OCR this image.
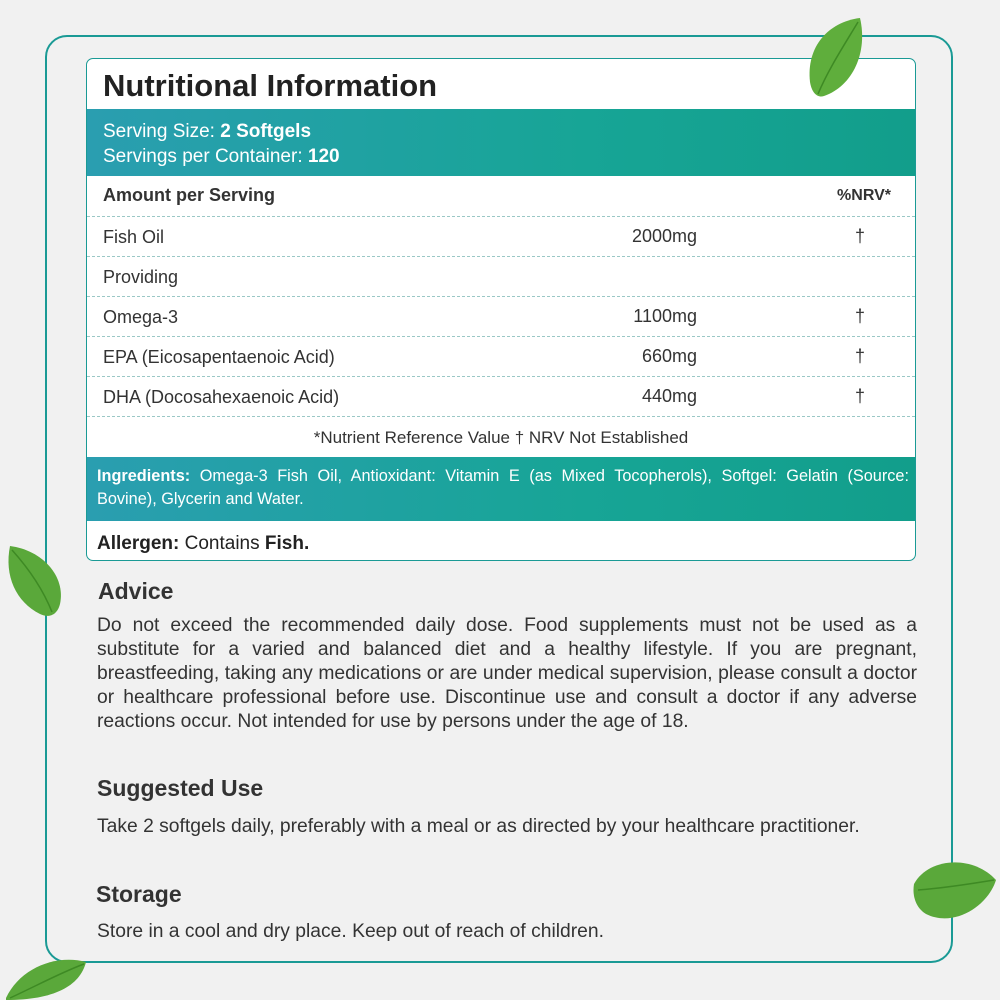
Nutritional Information
Serving Size: 2 Softgels
Servings per Container: 120
Amount per Serving	%NRV*
Fish Oil	2000mg	†
Providing
Omega-3	1100mg	†
EPA (Eicosapentaenoic Acid)	660mg	†
DHA (Docosahexaenoic Acid)	440mg	†
*Nutrient Reference Value † NRV Not Established
Ingredients: Omega-3 Fish Oil, Antioxidant: Vitamin E (as Mixed Tocopherols), Softgel: Gelatin (Source: Bovine), Glycerin and Water.
Allergen: Contains Fish.
Advice
Do not exceed the recommended daily dose. Food supplements must not be used as a substitute for a varied and balanced diet and a healthy lifestyle. If you are pregnant, breastfeeding, taking any medications or are under medical supervision, please consult a doctor or healthcare professional before use. Discontinue use and consult a doctor if any adverse reactions occur. Not intended for use by persons under the age of 18.
Suggested Use
Take 2 softgels daily, preferably with a meal or as directed by your healthcare practitioner.
Storage
Store in a cool and dry place. Keep out of reach of children.
